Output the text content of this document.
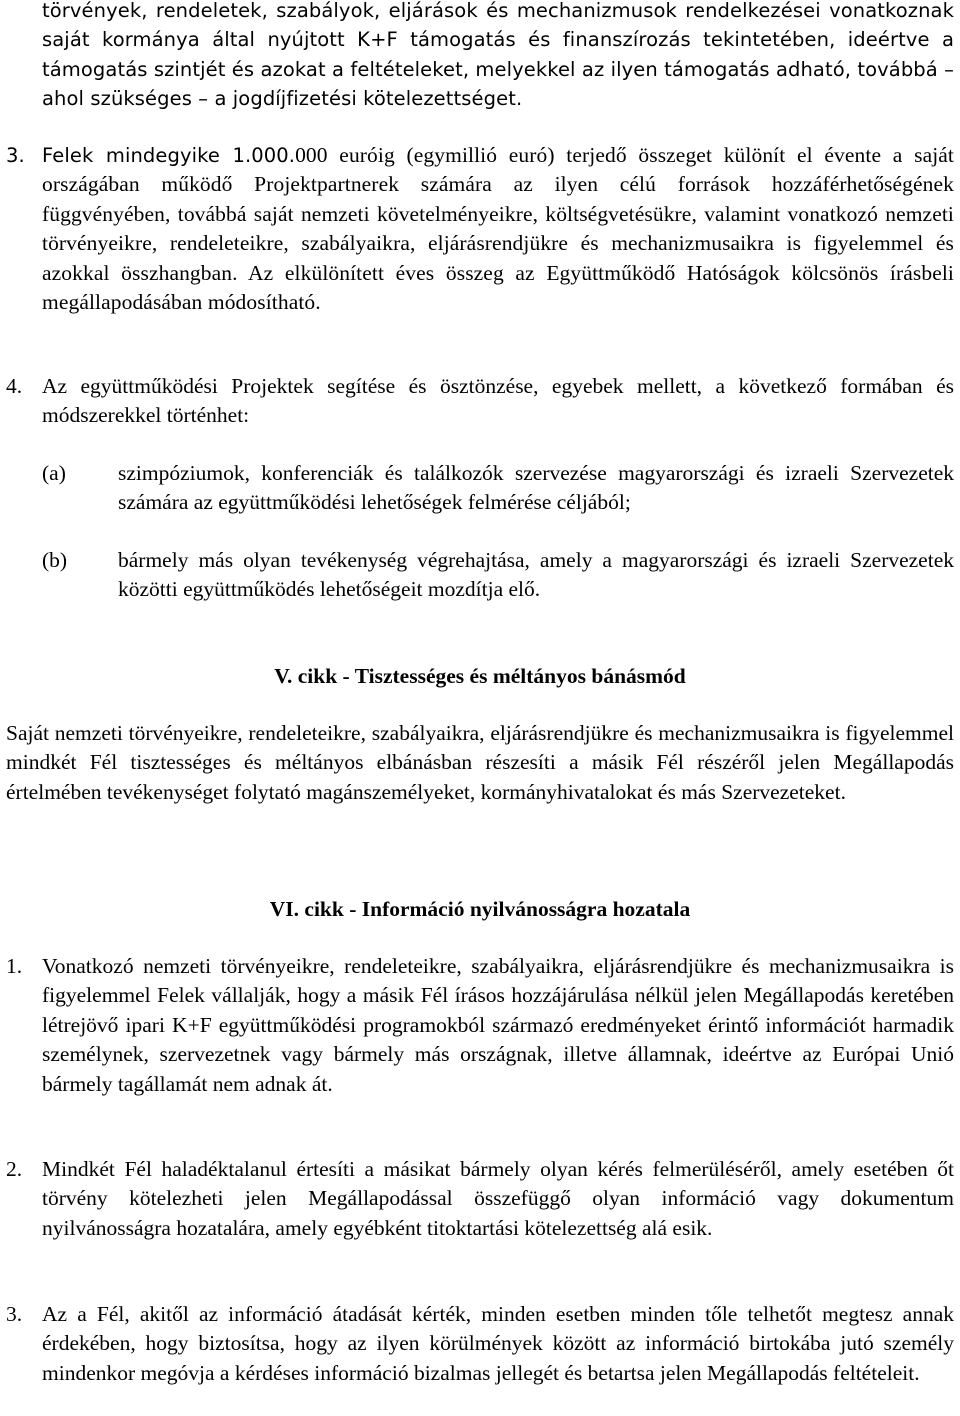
törvények, rendeletek, szabályok, eljárások és mechanizmusok rendelkezései vonatkoznak saját kormánya által nyújtott K+F támogatás és finanszírozás tekintetében, ideértve a támogatás szintjét és azokat a feltételeket, melyekkel az ilyen támogatás adható, továbbá – ahol szükséges – a jogdíjfizetési kötelezettséget.
3. Felek mindegyike 1.000.000 euróig (egymillió euró) terjedő összeget különít el évente a saját országában működő Projektpartnerek számára az ilyen célú források hozzáférhetőségének függvényében, továbbá saját nemzeti követelményeikre, költségvetésükre, valamint vonatkozó nemzeti törvényeikre, rendeleteikre, szabályaikra, eljárásrendjükre és mechanizmusaikra is figyelemmel és azokkal összhangban. Az elkülönített éves összeg az Együttműködő Hatóságok kölcsönös írásbeli megállapodásában módosítható.
4. Az együttműködési Projektek segítése és ösztönzése, egyebek mellett, a következő formában és módszerekkel történhet:
(a)	szimpóziumok, konferenciák és találkozók szervezése magyarországi és izraeli Szervezetek számára az együttműködési lehetőségek felmérése céljából;
(b)	bármely más olyan tevékenység végrehajtása, amely a magyarországi és izraeli Szervezetek közötti együttműködés lehetőségeit mozdítja elő.
V. cikk - Tisztességes és méltányos bánásmód
Saját nemzeti törvényeikre, rendeleteikre, szabályaikra, eljárásrendjükre és mechanizmusaikra is figyelemmel mindkét Fél tisztességes és méltányos elbánásban részesíti a másik Fél részéről jelen Megállapodás értelmében tevékenységet folytató magánszemélyeket, kormányhivatalokat és más Szervezeteket.
VI. cikk - Információ nyilvánosságra hozatala
1. Vonatkozó nemzeti törvényeikre, rendeleteikre, szabályaikra, eljárásrendjükre és mechanizmusaikra is figyelemmel Felek vállalják, hogy a másik Fél írásos hozzájárulása nélkül jelen Megállapodás keretében létrejövő ipari K+F együttműködési programokból származó eredményeket érintő információt harmadik személynek, szervezetnek vagy bármely más országnak, illetve államnak, ideértve az Európai Unió bármely tagállamát nem adnak át.
2. Mindkét Fél haladéktalanul értesíti a másikat bármely olyan kérés felmerüléséről, amely esetében őt törvény kötelezheti jelen Megállapodással összefüggő olyan információ vagy dokumentum nyilvánosságra hozatalára, amely egyébként titoktartási kötelezettség alá esik.
3. Az a Fél, akitől az információ átadását kérték, minden esetben minden tőle telhetőt megtesz annak érdekében, hogy biztosítsa, hogy az ilyen körülmények között az információ birtokába jutó személy mindenkor megóvja a kérdéses információ bizalmas jellegét és betartsa jelen Megállapodás feltételeit.
